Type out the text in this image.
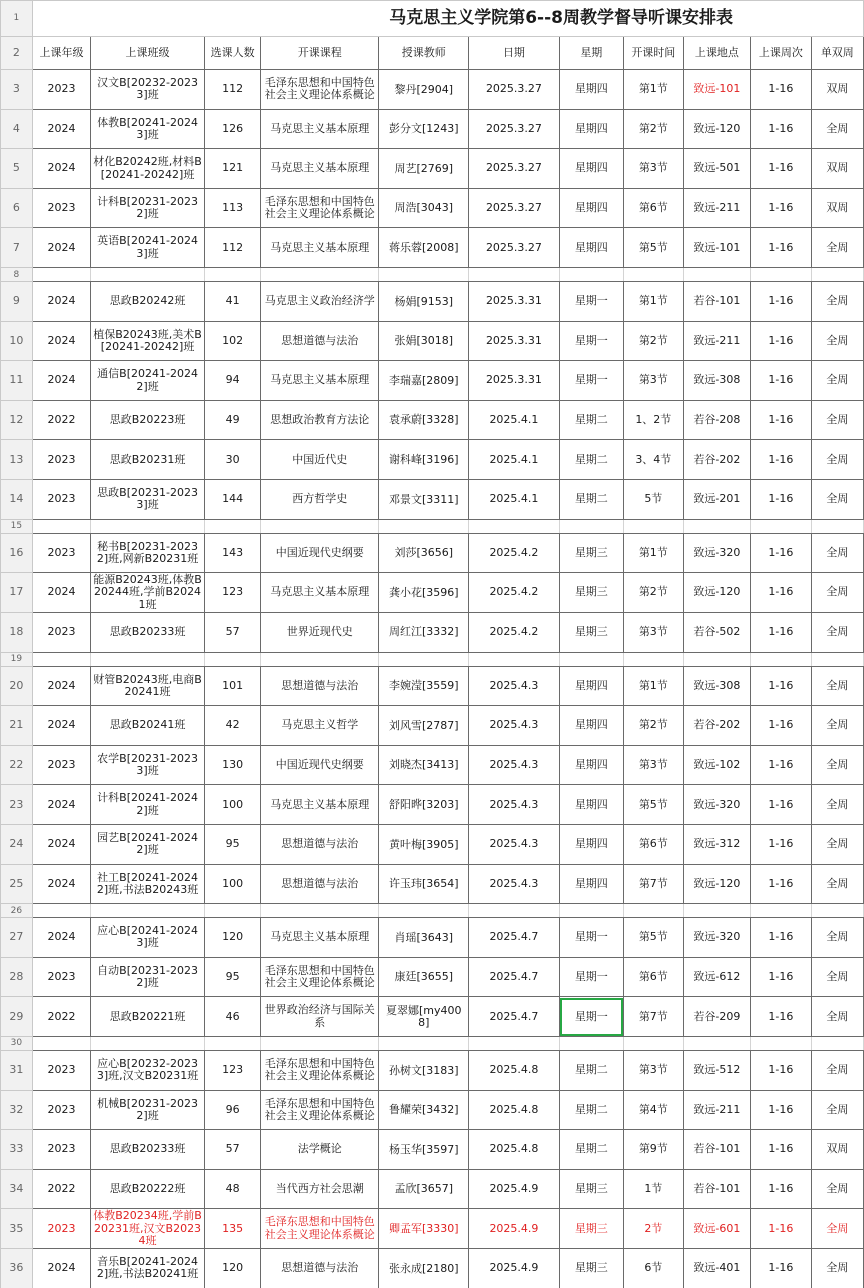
1	马克思主义学院第6--8周教学督导听课安排表										
2	上课年级	上课班级	选课人数	开课课程	授课教师	日期	星期	开课时间	上课地点	上课周次	单双周
3	2023	汉文B[20232-20233]班	112	毛泽东思想和中国特色社会主义理论体系概论	黎丹[2904]	2025.3.27	星期四	第1节	致远-101	1-16	双周
4	2024	体教B[20241-20243]班	126	马克思主义基本原理	彭分文[1243]	2025.3.27	星期四	第2节	致远-120	1-16	全周
5	2024	材化B20242班,材料B[20241-20242]班	121	马克思主义基本原理	周艺[2769]	2025.3.27	星期四	第3节	致远-501	1-16	双周
6	2023	计科B[20231-20232]班	113	毛泽东思想和中国特色社会主义理论体系概论	周浩[3043]	2025.3.27	星期四	第6节	致远-211	1-16	双周
7	2024	英语B[20241-20243]班	112	马克思主义基本原理	蒋乐蓉[2008]	2025.3.27	星期四	第5节	致远-101	1-16	全周
8											
9	2024	思政B20242班	41	马克思主义政治经济学	杨娟[9153]	2025.3.31	星期一	第1节	若谷-101	1-16	全周
10	2024	植保B20243班,美术B[20241-20242]班	102	思想道德与法治	张娟[3018]	2025.3.31	星期一	第2节	致远-211	1-16	全周
11	2024	通信B[20241-20242]班	94	马克思主义基本原理	李瑞嘉[2809]	2025.3.31	星期一	第3节	致远-308	1-16	全周
12	2022	思政B20223班	49	思想政治教育方法论	袁承蔚[3328]	2025.4.1	星期二	1、2节	若谷-208	1-16	全周
13	2023	思政B20231班	30	中国近代史	谢科峰[3196]	2025.4.1	星期二	3、4节	若谷-202	1-16	全周
14	2023	思政B[20231-20233]班	144	西方哲学史	邓景文[3311]	2025.4.1	星期二	5节	致远-201	1-16	全周
15											
16	2023	秘书B[20231-20232]班,网新B20231班	143	中国近现代史纲要	刘莎[3656]	2025.4.2	星期三	第1节	致远-320	1-16	全周
17	2024	能源B20243班,体教B20244班,学前B20241班	123	马克思主义基本原理	龚小花[3596]	2025.4.2	星期三	第2节	致远-120	1-16	全周
18	2023	思政B20233班	57	世界近现代史	周红江[3332]	2025.4.2	星期三	第3节	若谷-502	1-16	全周
19											
20	2024	财管B20243班,电商B20241班	101	思想道德与法治	李婉滢[3559]	2025.4.3	星期四	第1节	致远-308	1-16	全周
21	2024	思政B20241班	42	马克思主义哲学	刘风雪[2787]	2025.4.3	星期四	第2节	若谷-202	1-16	全周
22	2023	农学B[20231-20233]班	130	中国近现代史纲要	刘晓杰[3413]	2025.4.3	星期四	第3节	致远-102	1-16	全周
23	2024	计科B[20241-20242]班	100	马克思主义基本原理	舒阳晔[3203]	2025.4.3	星期四	第5节	致远-320	1-16	全周
24	2024	园艺B[20241-20242]班	95	思想道德与法治	黄叶梅[3905]	2025.4.3	星期四	第6节	致远-312	1-16	全周
25	2024	社工B[20241-20242]班,书法B20243班	100	思想道德与法治	许玉玮[3654]	2025.4.3	星期四	第7节	致远-120	1-16	全周
26											
27	2024	应心B[20241-20243]班	120	马克思主义基本原理	肖瑶[3643]	2025.4.7	星期一	第5节	致远-320	1-16	全周
28	2023	自动B[20231-20232]班	95	毛泽东思想和中国特色社会主义理论体系概论	康廷[3655]	2025.4.7	星期一	第6节	致远-612	1-16	全周
29	2022	思政B20221班	46	世界政治经济与国际关系	夏翠娜[my4008]	2025.4.7	星期一	第7节	若谷-209	1-16	全周
30											
31	2023	应心B[20232-20233]班,汉文B20231班	123	毛泽东思想和中国特色社会主义理论体系概论	孙树文[3183]	2025.4.8	星期二	第3节	致远-512	1-16	全周
32	2023	机械B[20231-20232]班	96	毛泽东思想和中国特色社会主义理论体系概论	鲁耀荣[3432]	2025.4.8	星期二	第4节	致远-211	1-16	全周
33	2023	思政B20233班	57	法学概论	杨玉华[3597]	2025.4.8	星期二	第9节	若谷-101	1-16	双周
34	2022	思政B20222班	48	当代西方社会思潮	孟欣[3657]	2025.4.9	星期三	1节	若谷-101	1-16	全周
35	2023	体教B20234班,学前B20231班,汉文B20234班	135	毛泽东思想和中国特色社会主义理论体系概论	卿孟军[3330]	2025.4.9	星期三	2节	致远-601	1-16	全周
36	2024	音乐B[20241-20242]班,书法B20241班	120	思想道德与法治	张永成[2180]	2025.4.9	星期三	6节	致远-401	1-16	全周
